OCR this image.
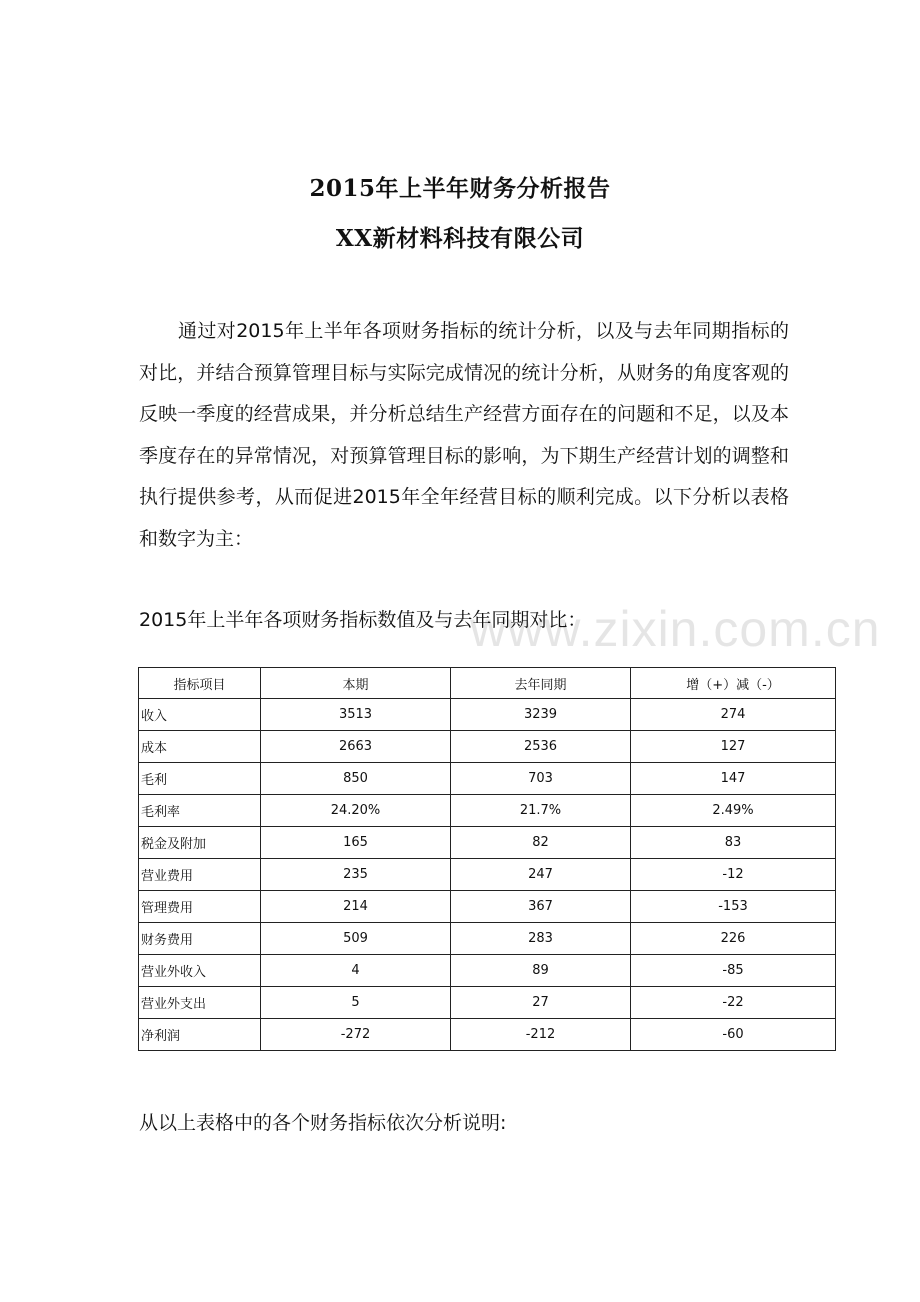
2015年上半年财务分析报告
XX新材料科技有限公司
通过对2015年上半年各项财务指标的统计分析，以及与去年同期指标的对比，并结合预算管理目标与实际完成情况的统计分析，从财务的角度客观的反映一季度的经营成果，并分析总结生产经营方面存在的问题和不足，以及本季度存在的异常情况，对预算管理目标的影响，为下期生产经营计划的调整和执行提供参考，从而促进2015年全年经营目标的顺利完成。以下分析以表格和数字为主：
www.zixin.com.cn
2015年上半年各项财务指标数值及与去年同期对比：
指标项目	本期	去年同期	增（+）减（-）
收入	3513	3239	274
成本	2663	2536	127
毛利	850	703	147
毛利率	24.20%	21.7%	2.49%
税金及附加	165	82	83
营业费用	235	247	-12
管理费用	214	367	-153
财务费用	509	283	226
营业外收入	4	89	-85
营业外支出	5	27	-22
净利润	-272	-212	-60
从以上表格中的各个财务指标依次分析说明:
